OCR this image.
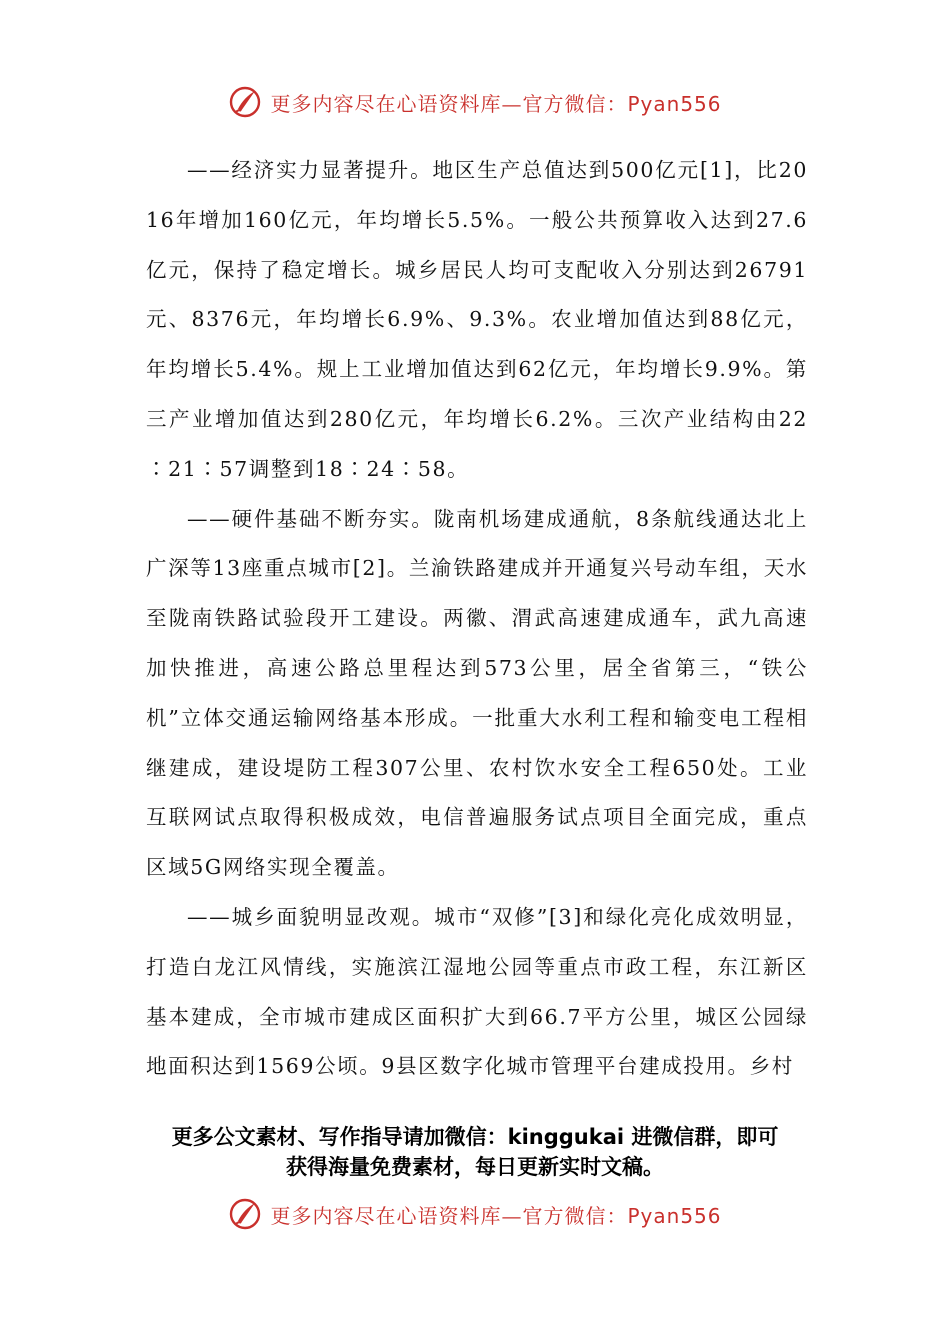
更多内容尽在心语资料库—官方微信：Pyan556

——经济实力显著提升。地区生产总值达到500亿元[1]，比2016年增加160亿元，年均增长5.5%。一般公共预算收入达到27.6亿元，保持了稳定增长。城乡居民人均可支配收入分别达到26791元、8376元，年均增长6.9%、9.3%。农业增加值达到88亿元，年均增长5.4%。规上工业增加值达到62亿元，年均增长9.9%。第三产业增加值达到280亿元，年均增长6.2%。三次产业结构由22∶21∶57调整到18∶24∶58。

——硬件基础不断夯实。陇南机场建成通航，8条航线通达北上广深等13座重点城市[2]。兰渝铁路建成并开通复兴号动车组，天水至陇南铁路试验段开工建设。两徽、渭武高速建成通车，武九高速加快推进，高速公路总里程达到573公里，居全省第三，“铁公机”立体交通运输网络基本形成。一批重大水利工程和输变电工程相继建成，建设堤防工程307公里、农村饮水安全工程650处。工业互联网试点取得积极成效，电信普遍服务试点项目全面完成，重点区域5G网络实现全覆盖。

——城乡面貌明显改观。城市“双修”[3]和绿化亮化成效明显，打造白龙江风情线，实施滨江湿地公园等重点市政工程，东江新区基本建成，全市城市建成区面积扩大到66.7平方公里，城区公园绿地面积达到1569公顷。9县区数字化城市管理平台建成投用。乡村

更多公文素材、写作指导请加微信：kinggukai 进微信群，即可
获得海量免费素材，每日更新实时文稿。
更多内容尽在心语资料库—官方微信：Pyan556
